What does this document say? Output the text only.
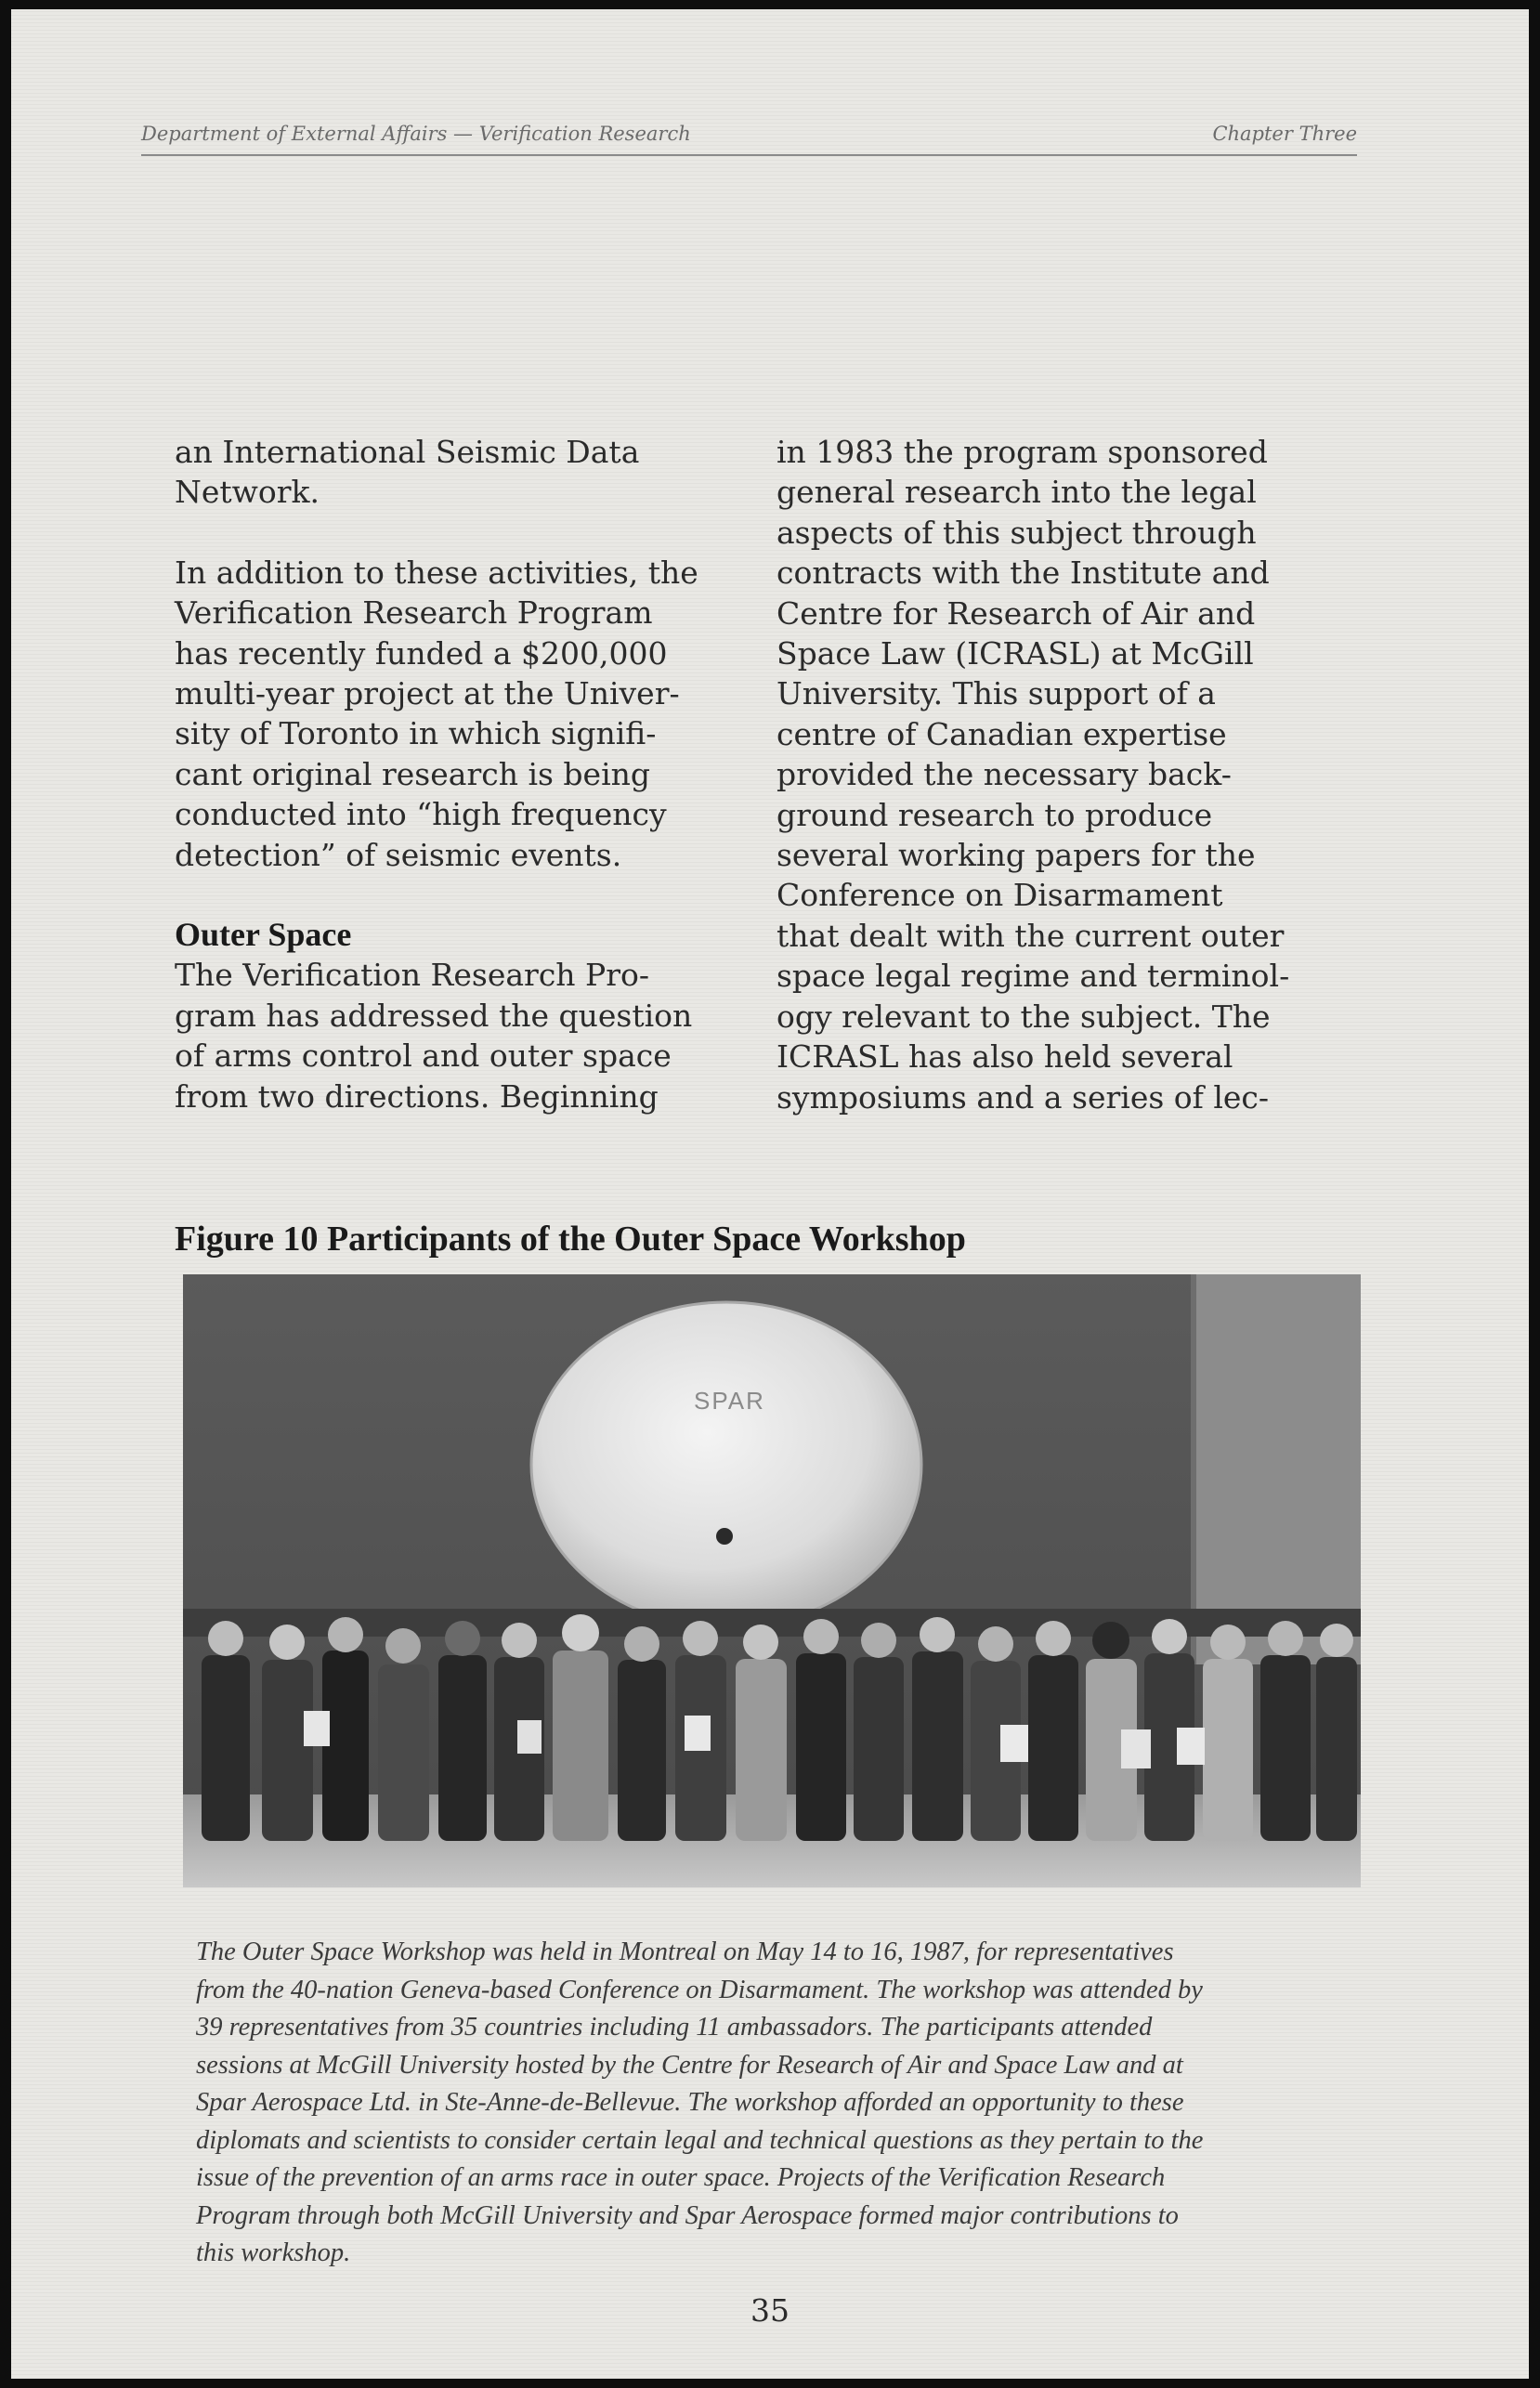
Department of External Affairs — Verification Research	Chapter Three

an International Seismic Data
Network.

In addition to these activities, the
Verification Research Program
has recently funded a $200,000
multi-year project at the Univer-
sity of Toronto in which signifi-
cant original research is being
conducted into “high frequency
detection” of seismic events.

Outer Space

The Verification Research Pro-
gram has addressed the question
of arms control and outer space
from two directions. Beginning

in 1983 the program sponsored
general research into the legal
aspects of this subject through
contracts with the Institute and
Centre for Research of Air and
Space Law (ICRASL) at McGill
University. This support of a
centre of Canadian expertise
provided the necessary back-
ground research to produce
several working papers for the
Conference on Disarmament
that dealt with the current outer
space legal regime and terminol-
ogy relevant to the subject. The
ICRASL has also held several
symposiums and a series of lec-

Figure 10 Participants of the Outer Space Workshop
SPAR
The Outer Space Workshop was held in Montreal on May 14 to 16, 1987, for representatives
from the 40-nation Geneva-based Conference on Disarmament. The workshop was attended by
39 representatives from 35 countries including 11 ambassadors. The participants attended
sessions at McGill University hosted by the Centre for Research of Air and Space Law and at
Spar Aerospace Ltd. in Ste-Anne-de-Bellevue. The workshop afforded an opportunity to these
diplomats and scientists to consider certain legal and technical questions as they pertain to the
issue of the prevention of an arms race in outer space. Projects of the Verification Research
Program through both McGill University and Spar Aerospace formed major contributions to
this workshop.
35
